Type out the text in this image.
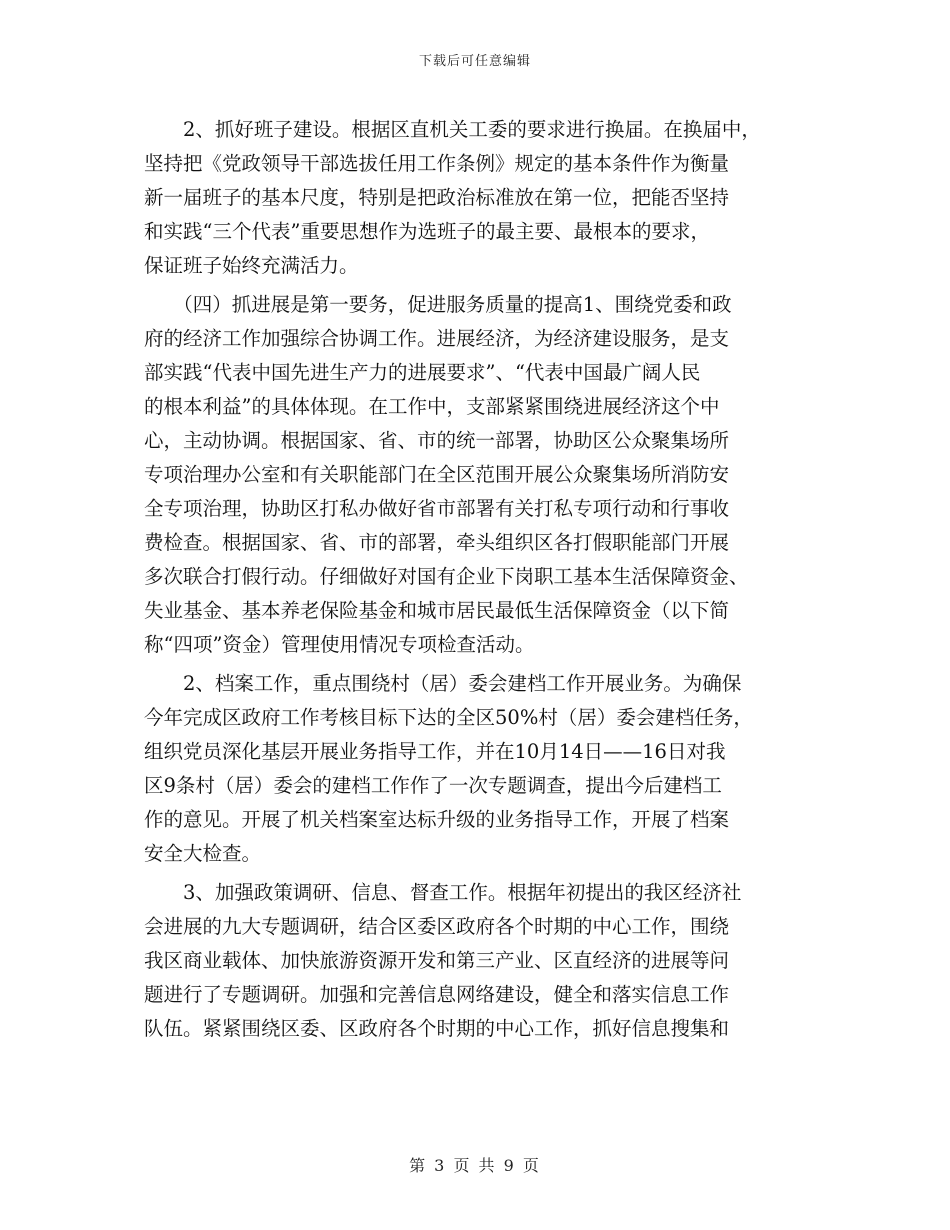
下载后可任意编辑
　　2、抓好班子建设。根据区直机关工委的要求进行换届。在换届中，
坚持把《党政领导干部选拔任用工作条例》规定的基本条件作为衡量
新一届班子的基本尺度，特别是把政治标准放在第一位，把能否坚持
和实践“三个代表”重要思想作为选班子的最主要、最根本的要求，
保证班子始终充满活力。
　　（四）抓进展是第一要务，促进服务质量的提高1、围绕党委和政
府的经济工作加强综合协调工作。进展经济，为经济建设服务，是支
部实践“代表中国先进生产力的进展要求”、“代表中国最广阔人民
的根本利益”的具体体现。在工作中，支部紧紧围绕进展经济这个中
心，主动协调。根据国家、省、市的统一部署，协助区公众聚集场所
专项治理办公室和有关职能部门在全区范围开展公众聚集场所消防安
全专项治理，协助区打私办做好省市部署有关打私专项行动和行事收
费检查。根据国家、省、市的部署，牵头组织区各打假职能部门开展
多次联合打假行动。仔细做好对国有企业下岗职工基本生活保障资金、
失业基金、基本养老保险基金和城市居民最低生活保障资金（以下简
称“四项”资金）管理使用情况专项检查活动。
　　2、档案工作，重点围绕村（居）委会建档工作开展业务。为确保
今年完成区政府工作考核目标下达的全区50%村（居）委会建档任务，
组织党员深化基层开展业务指导工作，并在10月14日——16日对我
区9条村（居）委会的建档工作作了一次专题调查，提出今后建档工
作的意见。开展了机关档案室达标升级的业务指导工作，开展了档案
安全大检查。
　　3、加强政策调研、信息、督查工作。根据年初提出的我区经济社
会进展的九大专题调研，结合区委区政府各个时期的中心工作，围绕
我区商业载体、加快旅游资源开发和第三产业、区直经济的进展等问
题进行了专题调研。加强和完善信息网络建设，健全和落实信息工作
队伍。紧紧围绕区委、区政府各个时期的中心工作，抓好信息搜集和
第 3 页 共 9 页
